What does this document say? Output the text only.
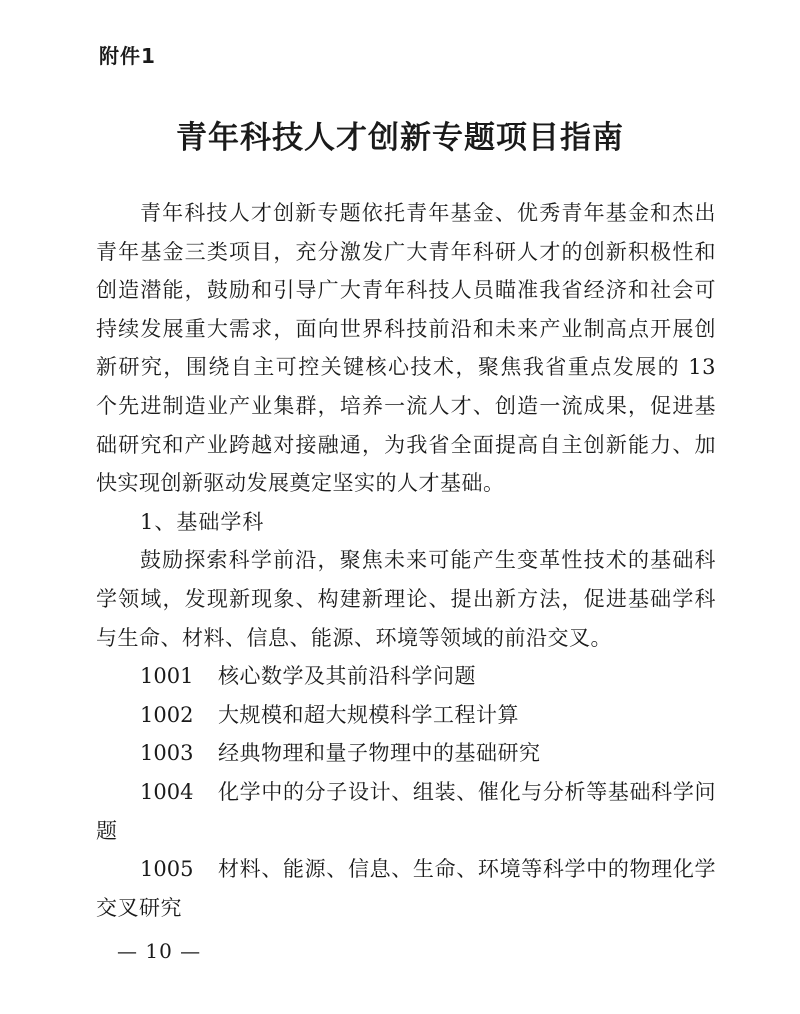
附件1
青年科技人才创新专题项目指南
青年科技人才创新专题依托青年基金、优秀青年基金和杰出
青年基金三类项目，充分激发广大青年科研人才的创新积极性和
创造潜能，鼓励和引导广大青年科技人员瞄准我省经济和社会可
持续发展重大需求，面向世界科技前沿和未来产业制高点开展创
新研究，围绕自主可控关键核心技术，聚焦我省重点发展的 13
个先进制造业产业集群，培养一流人才、创造一流成果，促进基
础研究和产业跨越对接融通，为我省全面提高自主创新能力、加
快实现创新驱动发展奠定坚实的人才基础。
1、基础学科
鼓励探索科学前沿，聚焦未来可能产生变革性技术的基础科
学领域，发现新现象、构建新理论、提出新方法，促进基础学科
与生命、材料、信息、能源、环境等领域的前沿交叉。
1001	核心数学及其前沿科学问题
1002	大规模和超大规模科学工程计算
1003	经典物理和量子物理中的基础研究
1004	化学中的分子设计、组装、催化与分析等基础科学问
题
1005	材料、能源、信息、生命、环境等科学中的物理化学
交叉研究
— 10 —
